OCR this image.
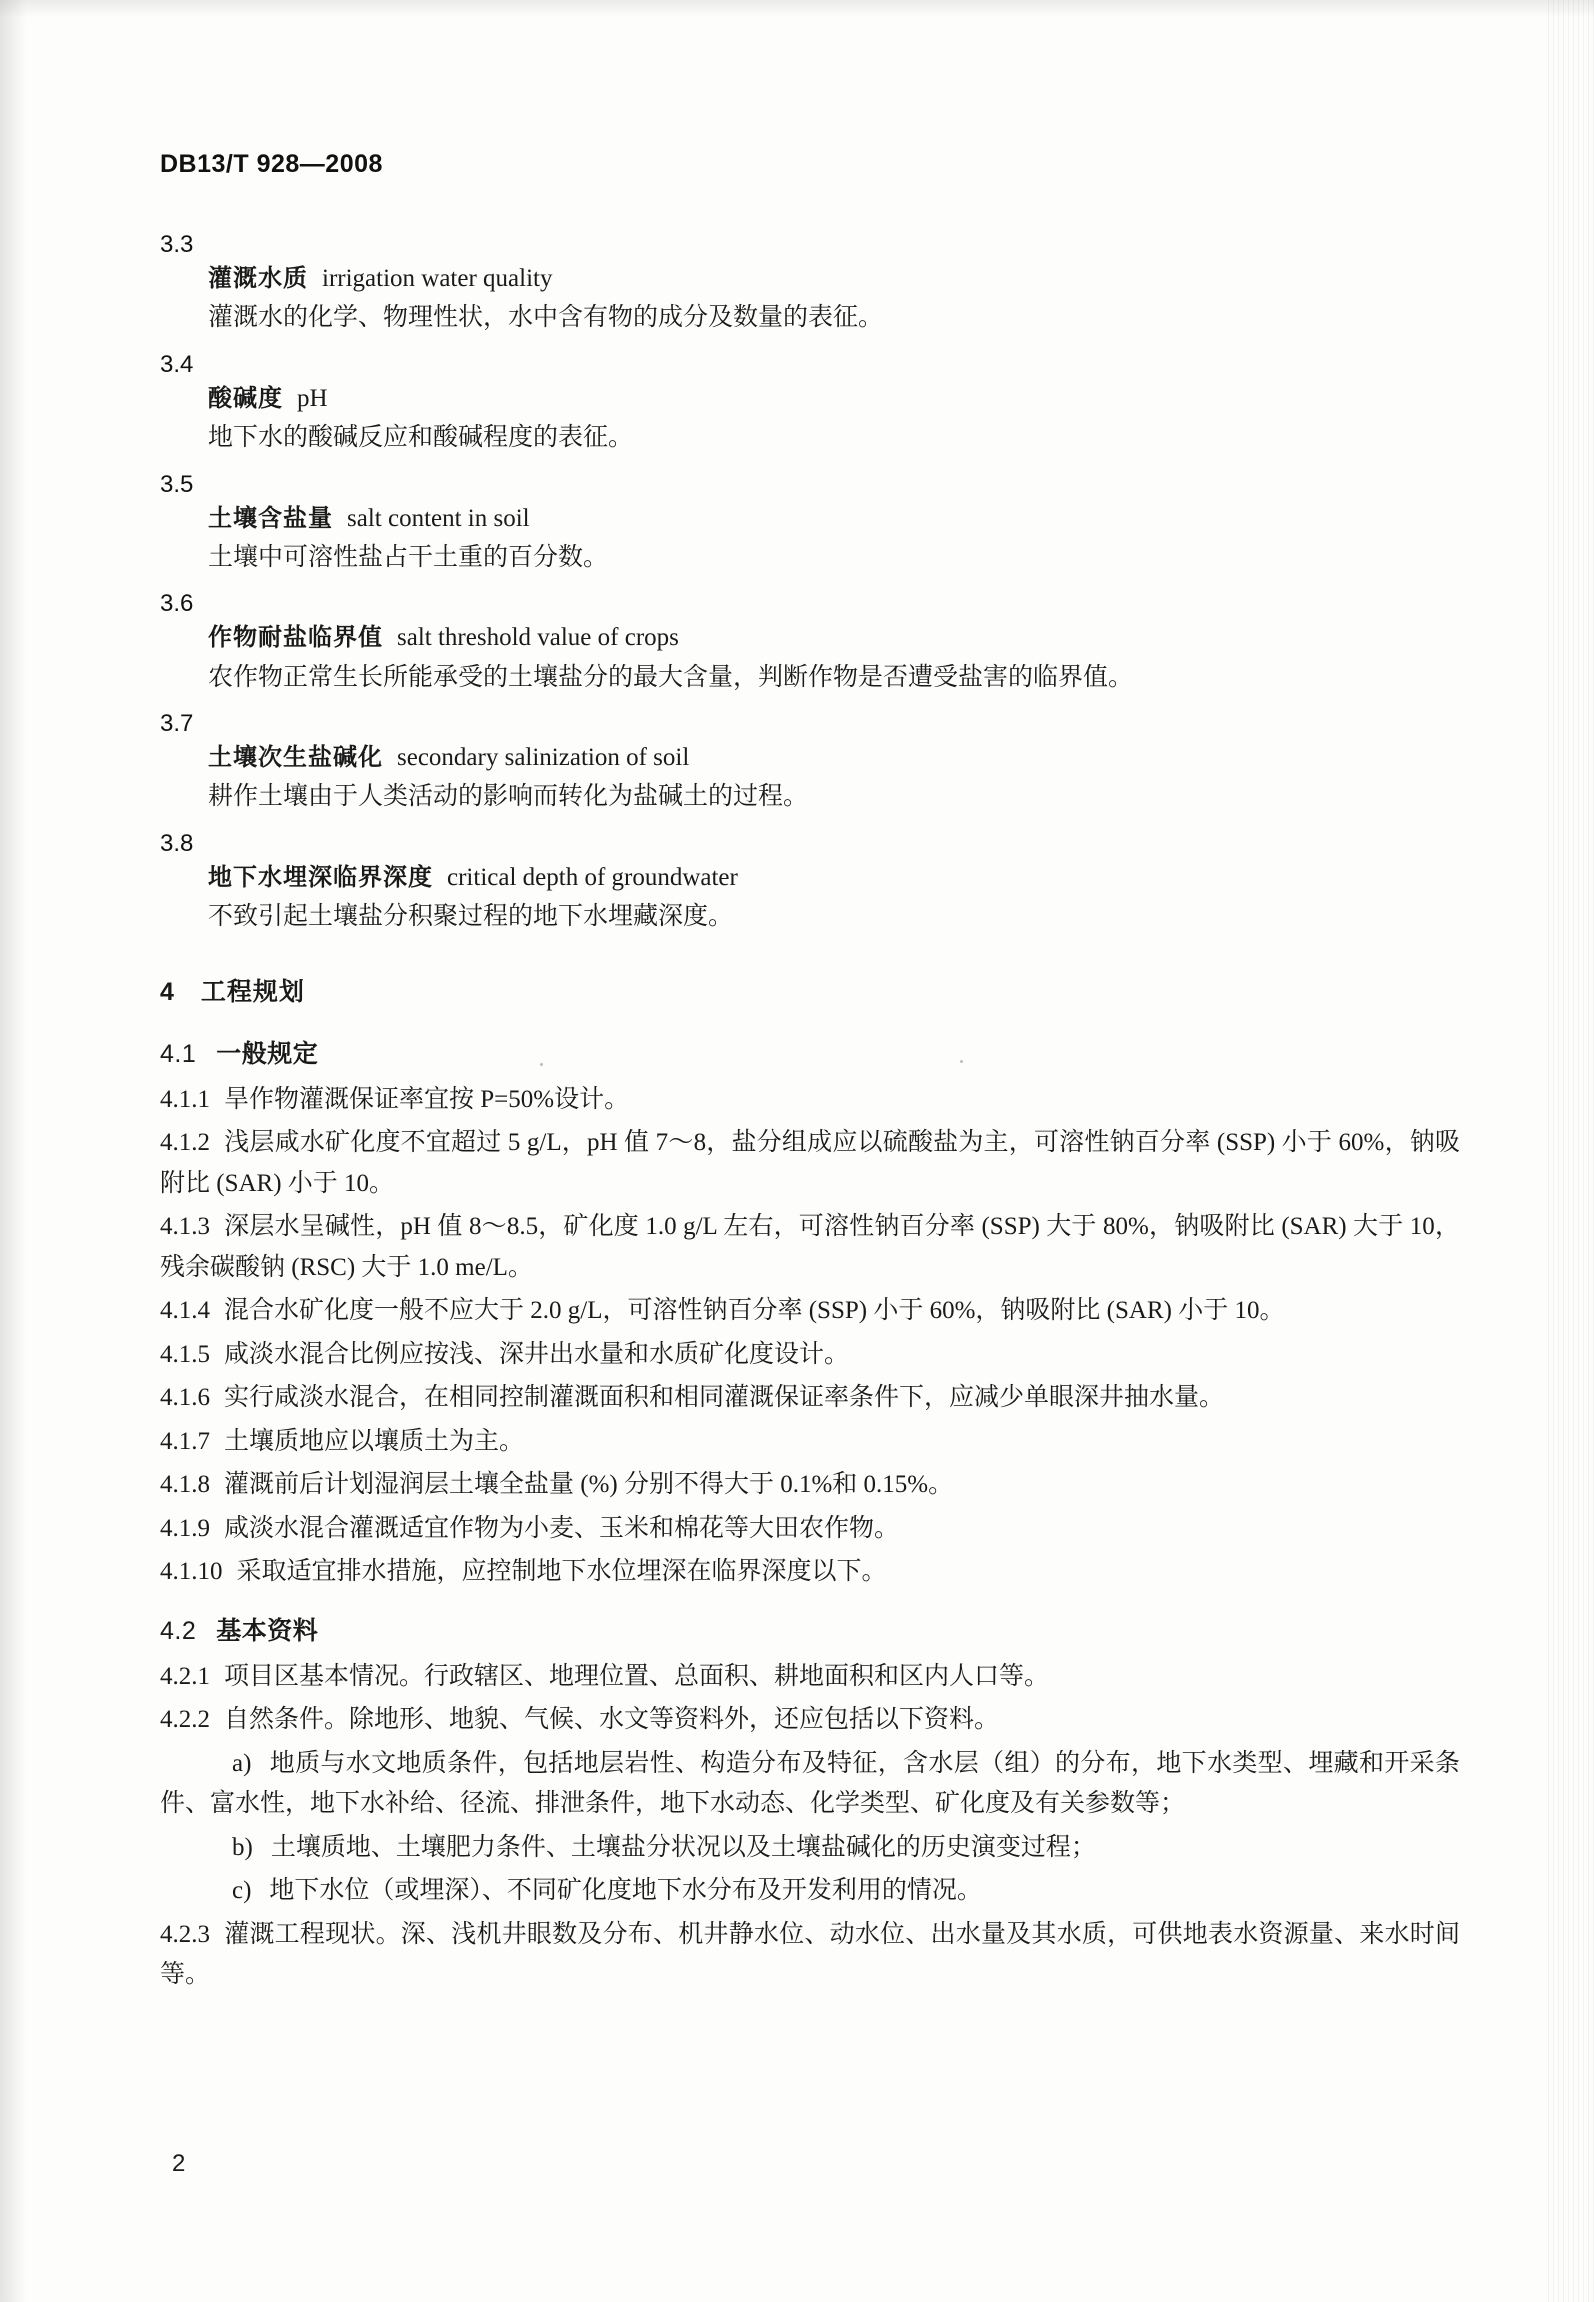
DB13/T 928—2008
3.3
灌溉水质 irrigation water quality
灌溉水的化学、物理性状，水中含有物的成分及数量的表征。
3.4
酸碱度 pH
地下水的酸碱反应和酸碱程度的表征。
3.5
土壤含盐量 salt content in soil
土壤中可溶性盐占干土重的百分数。
3.6
作物耐盐临界值 salt threshold value of crops
农作物正常生长所能承受的土壤盐分的最大含量，判断作物是否遭受盐害的临界值。
3.7
土壤次生盐碱化 secondary salinization of soil
耕作土壤由于人类活动的影响而转化为盐碱土的过程。
3.8
地下水埋深临界深度 critical depth of groundwater
不致引起土壤盐分积聚过程的地下水埋藏深度。
4 工程规划
4.1 一般规定
4.1.1 旱作物灌溉保证率宜按 P=50%设计。
4.1.2 浅层咸水矿化度不宜超过 5 g/L，pH 值 7～8，盐分组成应以硫酸盐为主，可溶性钠百分率 (SSP) 小于 60%，钠吸附比 (SAR) 小于 10。
4.1.3 深层水呈碱性，pH 值 8～8.5，矿化度 1.0 g/L 左右，可溶性钠百分率 (SSP) 大于 80%，钠吸附比 (SAR) 大于 10，残余碳酸钠 (RSC) 大于 1.0 me/L。
4.1.4 混合水矿化度一般不应大于 2.0 g/L，可溶性钠百分率 (SSP) 小于 60%，钠吸附比 (SAR) 小于 10。
4.1.5 咸淡水混合比例应按浅、深井出水量和水质矿化度设计。
4.1.6 实行咸淡水混合，在相同控制灌溉面积和相同灌溉保证率条件下，应减少单眼深井抽水量。
4.1.7 土壤质地应以壤质土为主。
4.1.8 灌溉前后计划湿润层土壤全盐量 (%) 分别不得大于 0.1%和 0.15%。
4.1.9 咸淡水混合灌溉适宜作物为小麦、玉米和棉花等大田农作物。
4.1.10 采取适宜排水措施，应控制地下水位埋深在临界深度以下。
4.2 基本资料
4.2.1 项目区基本情况。行政辖区、地理位置、总面积、耕地面积和区内人口等。
4.2.2 自然条件。除地形、地貌、气候、水文等资料外，还应包括以下资料。
a) 地质与水文地质条件，包括地层岩性、构造分布及特征，含水层（组）的分布，地下水类型、埋藏和开采条件、富水性，地下水补给、径流、排泄条件，地下水动态、化学类型、矿化度及有关参数等；
b) 土壤质地、土壤肥力条件、土壤盐分状况以及土壤盐碱化的历史演变过程；
c) 地下水位（或埋深）、不同矿化度地下水分布及开发利用的情况。
4.2.3 灌溉工程现状。深、浅机井眼数及分布、机井静水位、动水位、出水量及其水质，可供地表水资源量、来水时间等。
2
